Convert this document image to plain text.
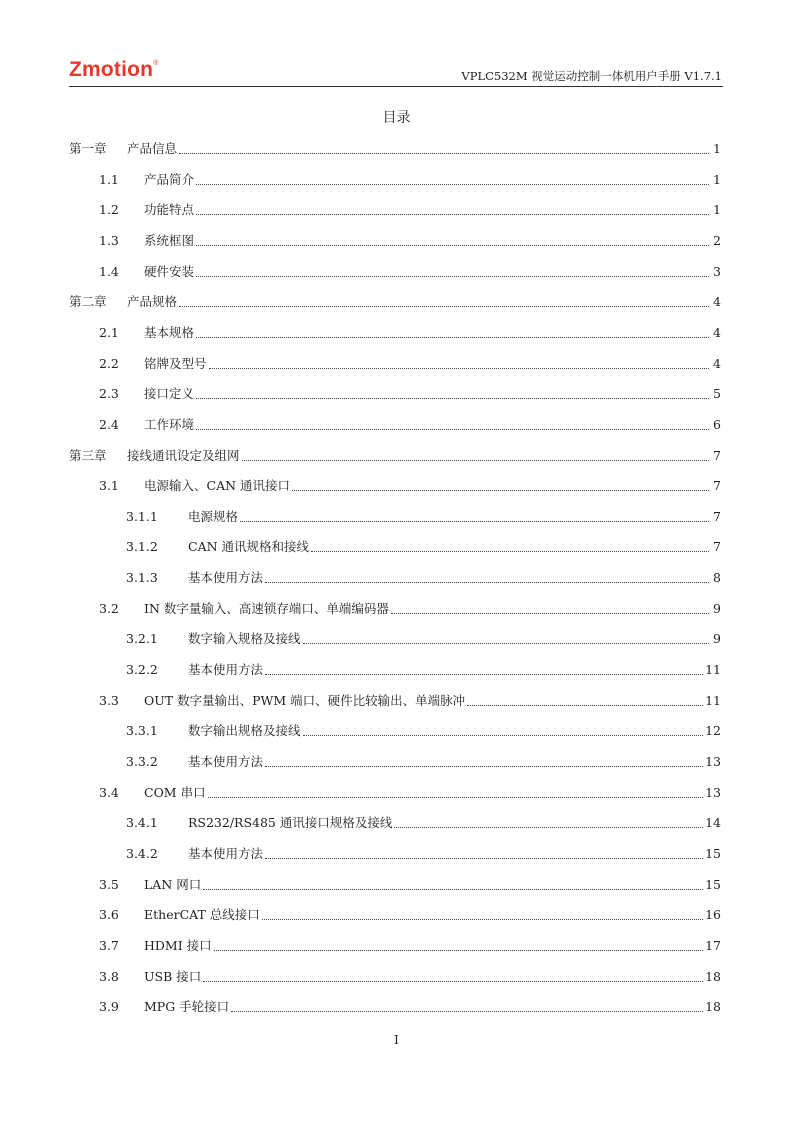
Zmotion®
VPLC532M 视觉运动控制一体机用户手册 V1.7.1
目录
第一章	产品信息	1
1.1	产品简介	1
1.2	功能特点	1
1.3	系统框图	2
1.4	硬件安装	3
第二章	产品规格	4
2.1	基本规格	4
2.2	铭牌及型号	4
2.3	接口定义	5
2.4	工作环境	6
第三章	接线通讯设定及组网	7
3.1	电源输入、CAN 通讯接口	7
3.1.1	电源规格	7
3.1.2	CAN 通讯规格和接线	7
3.1.3	基本使用方法	8
3.2	IN 数字量输入、高速锁存端口、单端编码器	9
3.2.1	数字输入规格及接线	9
3.2.2	基本使用方法	11
3.3	OUT 数字量输出、PWM 端口、硬件比较输出、单端脉冲	11
3.3.1	数字输出规格及接线	12
3.3.2	基本使用方法	13
3.4	COM 串口	13
3.4.1	RS232/RS485 通讯接口规格及接线	14
3.4.2	基本使用方法	15
3.5	LAN 网口	15
3.6	EtherCAT 总线接口	16
3.7	HDMI 接口	17
3.8	USB 接口	18
3.9	MPG 手轮接口	18
I
